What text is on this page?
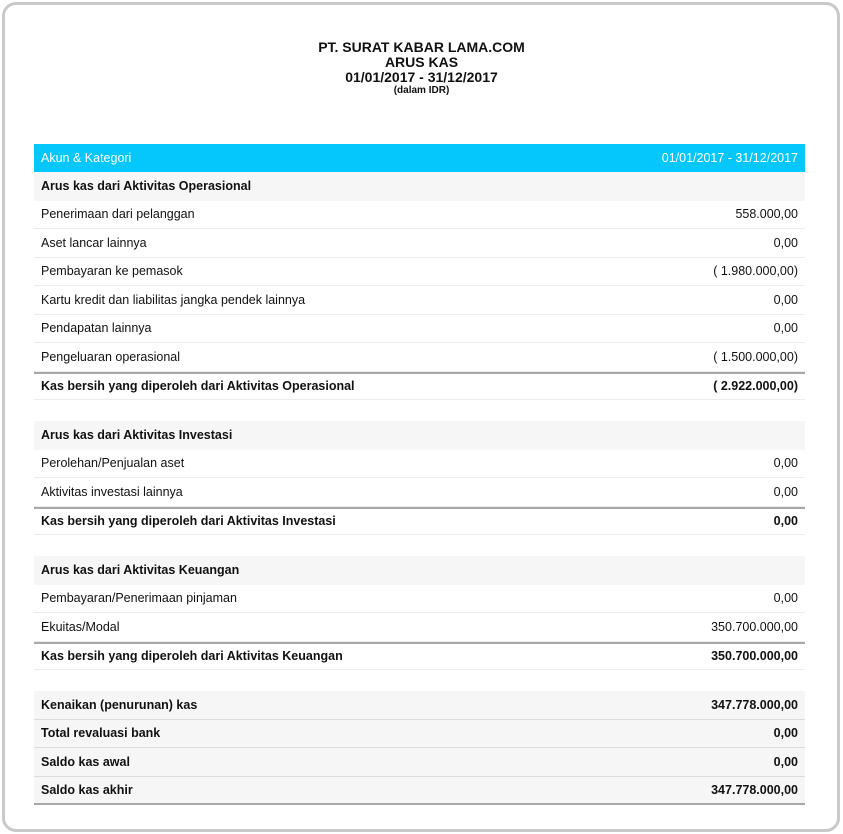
PT. SURAT KABAR LAMA.COM
ARUS KAS
01/01/2017 - 31/12/2017
(dalam IDR)
Akun & Kategori	01/01/2017 - 31/12/2017
Arus kas dari Aktivitas Operasional
Penerimaan dari pelanggan	558.000,00
Aset lancar lainnya	0,00
Pembayaran ke pemasok	( 1.980.000,00)
Kartu kredit dan liabilitas jangka pendek lainnya	0,00
Pendapatan lainnya	0,00
Pengeluaran operasional	( 1.500.000,00)
Kas bersih yang diperoleh dari Aktivitas Operasional	( 2.922.000,00)
Arus kas dari Aktivitas Investasi
Perolehan/Penjualan aset	0,00
Aktivitas investasi lainnya	0,00
Kas bersih yang diperoleh dari Aktivitas Investasi	0,00
Arus kas dari Aktivitas Keuangan
Pembayaran/Penerimaan pinjaman	0,00
Ekuitas/Modal	350.700.000,00
Kas bersih yang diperoleh dari Aktivitas Keuangan	350.700.000,00
Kenaikan (penurunan) kas	347.778.000,00
Total revaluasi bank	0,00
Saldo kas awal	0,00
Saldo kas akhir	347.778.000,00
